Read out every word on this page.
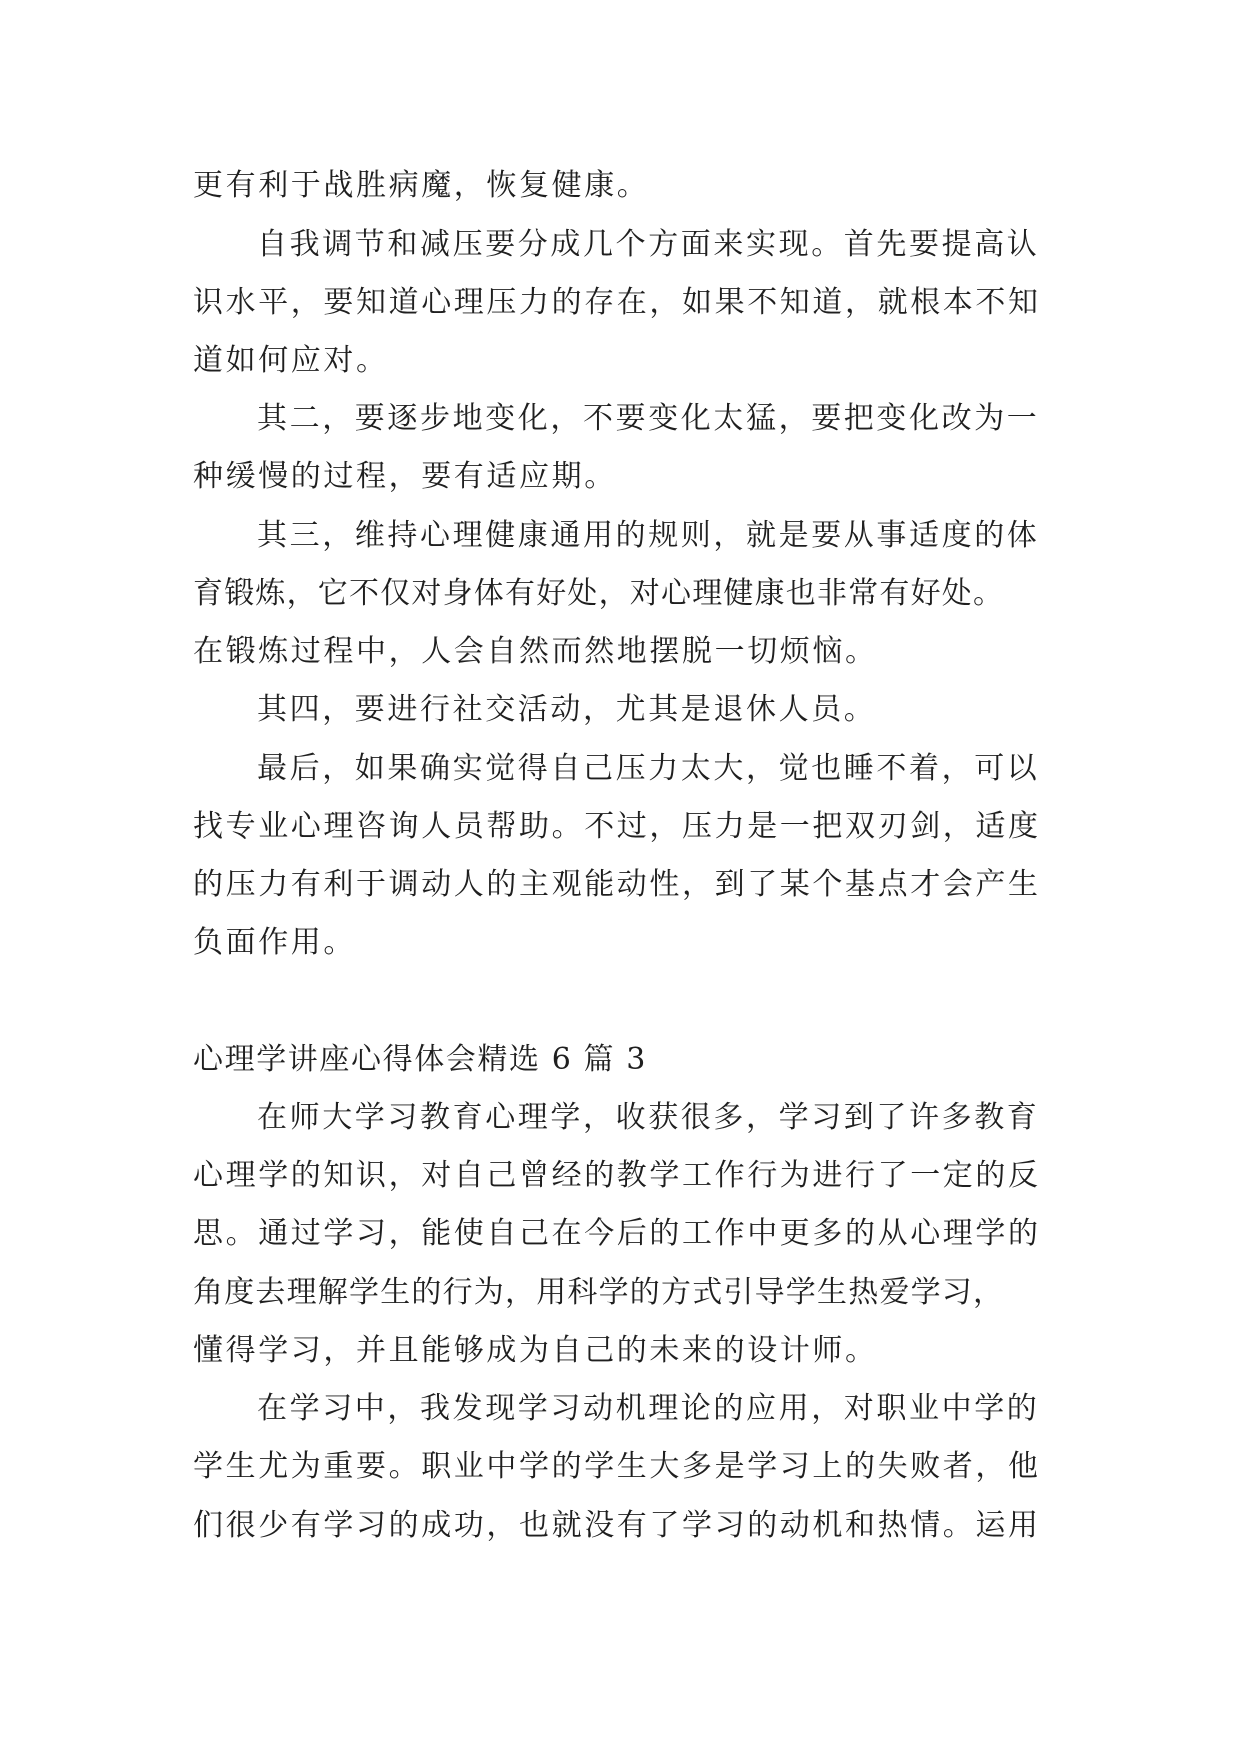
更有利于战胜病魔，恢复健康。
自我调节和减压要分成几个方面来实现。首先要提高认
识水平，要知道心理压力的存在，如果不知道，就根本不知
道如何应对。
其二，要逐步地变化，不要变化太猛，要把变化改为一
种缓慢的过程，要有适应期。
其三，维持心理健康通用的规则，就是要从事适度的体
育锻炼，它不仅对身体有好处，对心理健康也非常有好处。
在锻炼过程中，人会自然而然地摆脱一切烦恼。
其四，要进行社交活动，尤其是退休人员。
最后，如果确实觉得自己压力太大，觉也睡不着，可以
找专业心理咨询人员帮助。不过，压力是一把双刃剑，适度
的压力有利于调动人的主观能动性，到了某个基点才会产生
负面作用。
心理学讲座心得体会精选 6 篇 3
在师大学习教育心理学，收获很多，学习到了许多教育
心理学的知识，对自己曾经的教学工作行为进行了一定的反
思。通过学习，能使自己在今后的工作中更多的从心理学的
角度去理解学生的行为，用科学的方式引导学生热爱学习，
懂得学习，并且能够成为自己的未来的设计师。
在学习中，我发现学习动机理论的应用，对职业中学的
学生尤为重要。职业中学的学生大多是学习上的失败者，他
们很少有学习的成功，也就没有了学习的动机和热情。运用
